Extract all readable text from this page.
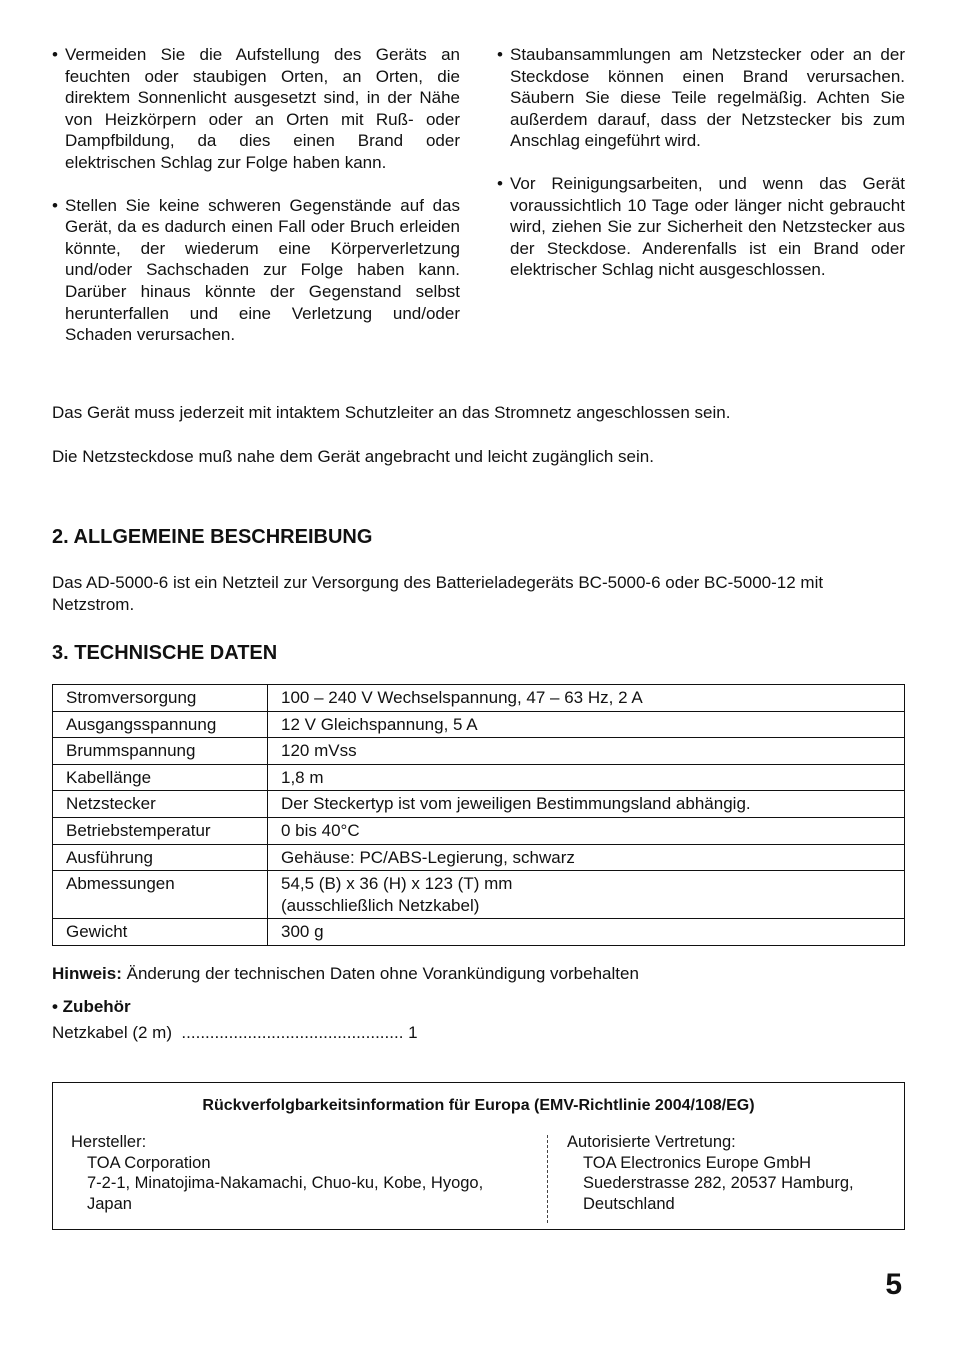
• Vermeiden Sie die Aufstellung des Geräts an feuchten oder staubigen Orten, an Orten, die direktem Sonnenlicht ausgesetzt sind, in der Nähe von Heizkörpern oder an Orten mit Ruß- oder Dampfbildung, da dies einen Brand oder elektrischen Schlag zur Folge haben kann.
• Stellen Sie keine schweren Gegenstände auf das Gerät, da es dadurch einen Fall oder Bruch erleiden könnte, der wiederum eine Körperverletzung und/oder Sachschaden zur Folge haben kann. Darüber hinaus könnte der Gegenstand selbst herunterfallen und eine Verletzung und/oder Schaden verursachen.
• Staubansammlungen am Netzstecker oder an der Steckdose können einen Brand verursachen. Säubern Sie diese Teile regelmäßig. Achten Sie außerdem darauf, dass der Netzstecker bis zum Anschlag eingeführt wird.
• Vor Reinigungsarbeiten, und wenn das Gerät voraussichtlich 10 Tage oder länger nicht gebraucht wird, ziehen Sie zur Sicherheit den Netzstecker aus der Steckdose. Anderenfalls ist ein Brand oder elektrischer Schlag nicht ausgeschlossen.
Das Gerät muss jederzeit mit intaktem Schutzleiter an das Stromnetz angeschlossen sein.
Die Netzsteckdose muß nahe dem Gerät angebracht und leicht zugänglich sein.
2. ALLGEMEINE BESCHREIBUNG
Das AD-5000-6 ist ein Netzteil zur Versorgung des Batterieladegeräts BC-5000-6 oder BC-5000-12 mit Netzstrom.
3. TECHNISCHE DATEN
Stromversorgung	100 – 240 V Wechselspannung, 47 – 63 Hz, 2 A
Ausgangsspannung	12 V Gleichspannung, 5 A
Brummspannung	120 mVss
Kabellänge	1,8 m
Netzstecker	Der Steckertyp ist vom jeweiligen Bestimmungsland abhängig.
Betriebstemperatur	0 bis 40°C
Ausführung	Gehäuse: PC/ABS-Legierung, schwarz
Abmessungen	54,5 (B) x 36 (H) x 123 (T) mm
(ausschließlich Netzkabel)

Gewicht	300 g
Hinweis: Änderung der technischen Daten ohne Vorankündigung vorbehalten
• Zubehör
Netzkabel (2 m)  ............................................... 1
Rückverfolgbarkeitsinformation für Europa (EMV-Richtlinie 2004/108/EG)
Hersteller:
TOA Corporation
7-2-1, Minatojima-Nakamachi, Chuo-ku, Kobe, Hyogo,
Japan
Autorisierte Vertretung:
TOA Electronics Europe GmbH
Suederstrasse 282, 20537 Hamburg,
Deutschland
5
